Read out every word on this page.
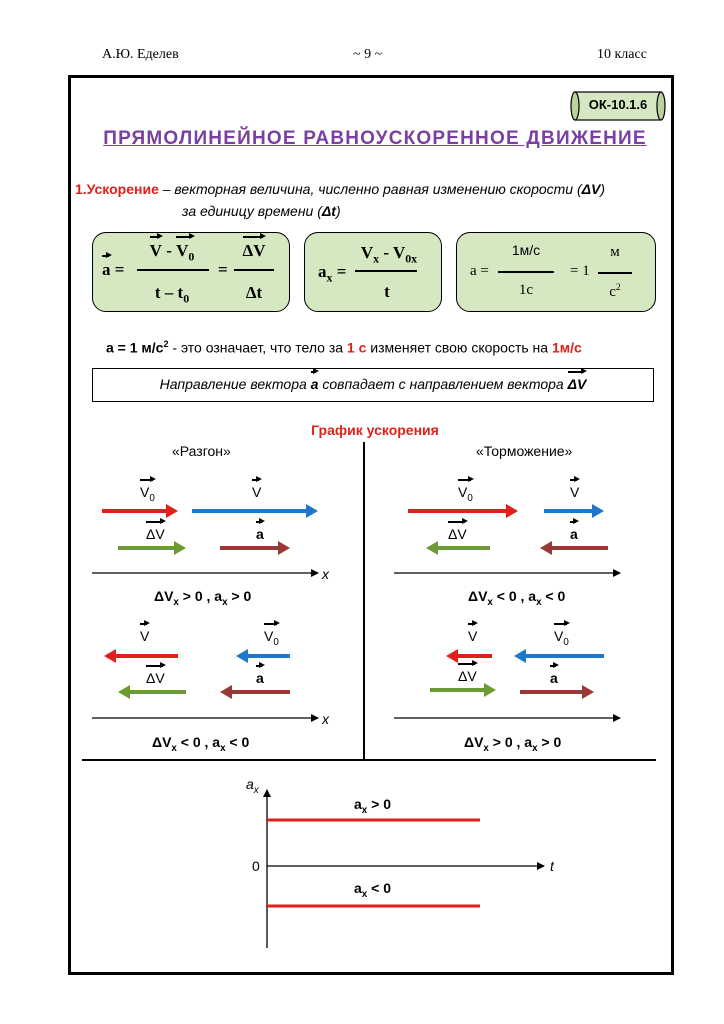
А.Ю. Еделев	~ 9 ~	10 класс
ОК-10.1.6
ПРЯМОЛИНЕЙНОЕ РАВНОУСКОРЕННОЕ ДВИЖЕНИЕ
1.Ускорение – векторная величина, численно равная изменению скорости (ΔV)
за единицу времени (Δt)
a =
V - $V_0$
t – $t_0$
=
ΔV
Δt
$a_x$ =
$V_x - V_{0x}$
t
a =
1м/с
1c
= 1
м
$c^2$
a = 1 $м/с^2$ - это означает, что тело за 1 с изменяет свою скорость на 1м/с
Направление вектора a совпадает с направлением вектора ΔV
График ускорения
«Разгон»	«Торможение»
$V_0$	V
ΔV	a
x
$V_0$	V
ΔV	a
V	$V_0$
ΔV	a
x
V	$V_0$
ΔV	a
$\Delta V_x > 0$ , $a_x > 0$	$\Delta V_x < 0$ , $a_x < 0$
$\Delta V_x < 0$ , $a_x < 0$	$\Delta V_x > 0$ , $a_x > 0$
$a_x$
t
0
$a_x > 0$
$a_x < 0$
